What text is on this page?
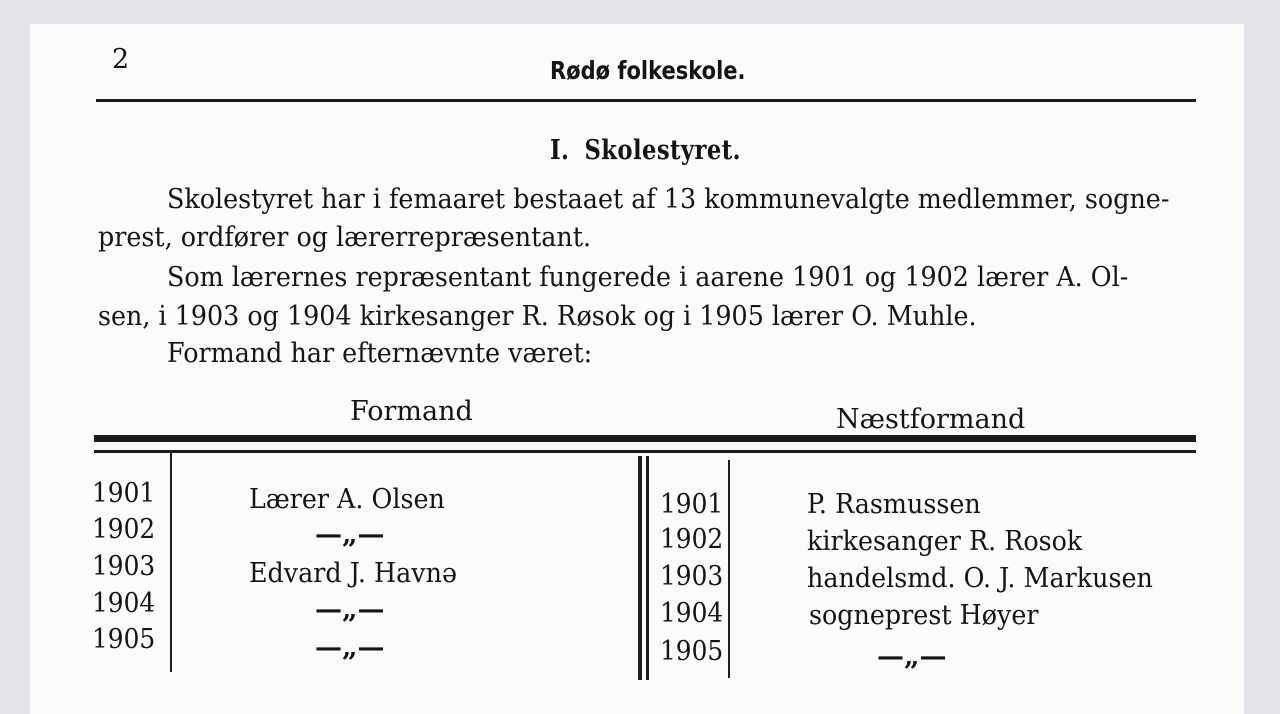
2	Rødø folkeskole.
I. Skolestyret.
Skolestyret har i femaaret bestaaet af 13 kommunevalgte medlemmer, sogne-
prest, ordfører og lærerrepræsentant.
Som lærernes repræsentant fungerede i aarene 1901 og 1902 lærer A. Ol-
sen, i 1903 og 1904 kirkesanger R. Røsok og i 1905 lærer O. Muhle.
Formand har efternævnte været:
Formand	Næstformand
1901	Lærer A. Olsen
1902	—„—
1903	Edvard J. Havnə
1904	—„—
1905	—„—
1901	P. Rasmussen
1902	kirkesanger R. Rosok
1903	handelsmd. O. J. Markusen
1904	sogneprest Høyer
1905	—„—
